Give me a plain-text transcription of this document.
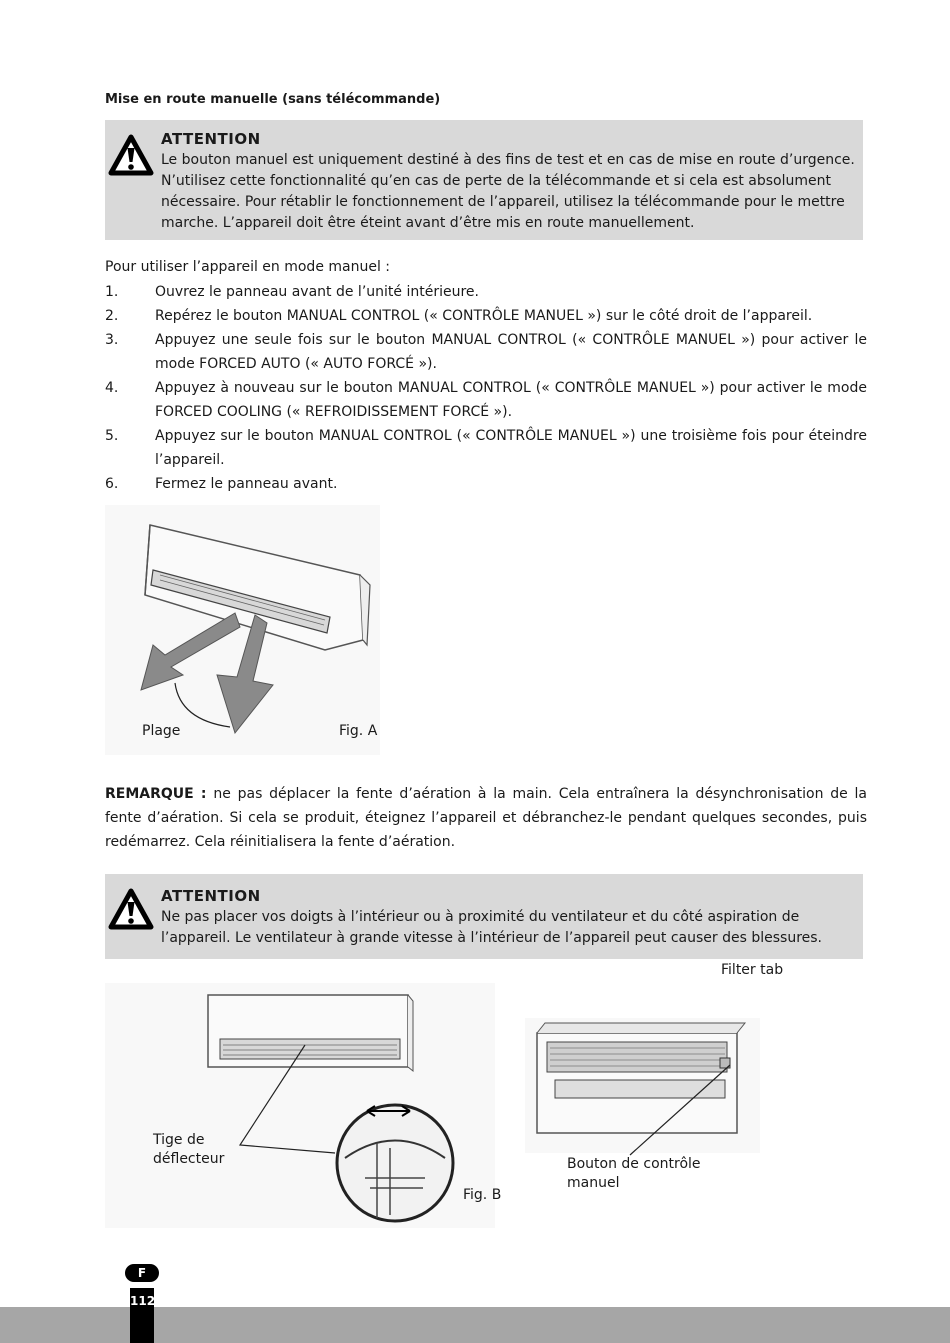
Mise en route manuelle (sans télécommande)
ATTENTION
Le bouton manuel est uniquement destiné à des fins de test et en cas de mise en route d’urgence. N’utilisez cette fonctionnalité qu’en cas de perte de la télécommande et si cela est absolument nécessaire. Pour rétablir le fonctionnement de l’appareil, utilisez la télécommande pour le mettre marche. L’appareil doit être éteint avant d’être mis en route manuellement.
Pour utiliser l’appareil en mode manuel :
1.	Ouvrez le panneau avant de l’unité intérieure.
2.	Repérez le bouton MANUAL CONTROL (« CONTRÔLE MANUEL ») sur le côté droit de l’appareil.
3.	Appuyez une seule fois sur le bouton MANUAL CONTROL (« CONTRÔLE MANUEL ») pour activer le mode FORCED AUTO (« AUTO FORCÉ »).
4.	Appuyez à nouveau sur le bouton MANUAL CONTROL (« CONTRÔLE MANUEL ») pour activer le mode FORCED COOLING (« REFROIDISSEMENT FORCÉ »).
5.	Appuyez sur le bouton MANUAL CONTROL (« CONTRÔLE MANUEL ») une troisième fois pour éteindre l’appareil.
6.	Fermez le panneau avant.
Plage	Fig. A
REMARQUE : ne pas déplacer la fente d’aération à la main. Cela entraînera la désynchronisation de la fente d’aération. Si cela se produit, éteignez l’appareil et débranchez-le pendant quelques secondes, puis redémarrez. Cela réinitialisera la fente d’aération.
ATTENTION
Ne pas placer vos doigts à l’intérieur ou à proximité du ventilateur et du côté aspiration de l’appareil. Le ventilateur à grande vitesse à l’intérieur de l’appareil peut causer des blessures.
Filter tab
Tige de
déflecteur
Fig. B
Bouton de contrôle
manuel
F
112
